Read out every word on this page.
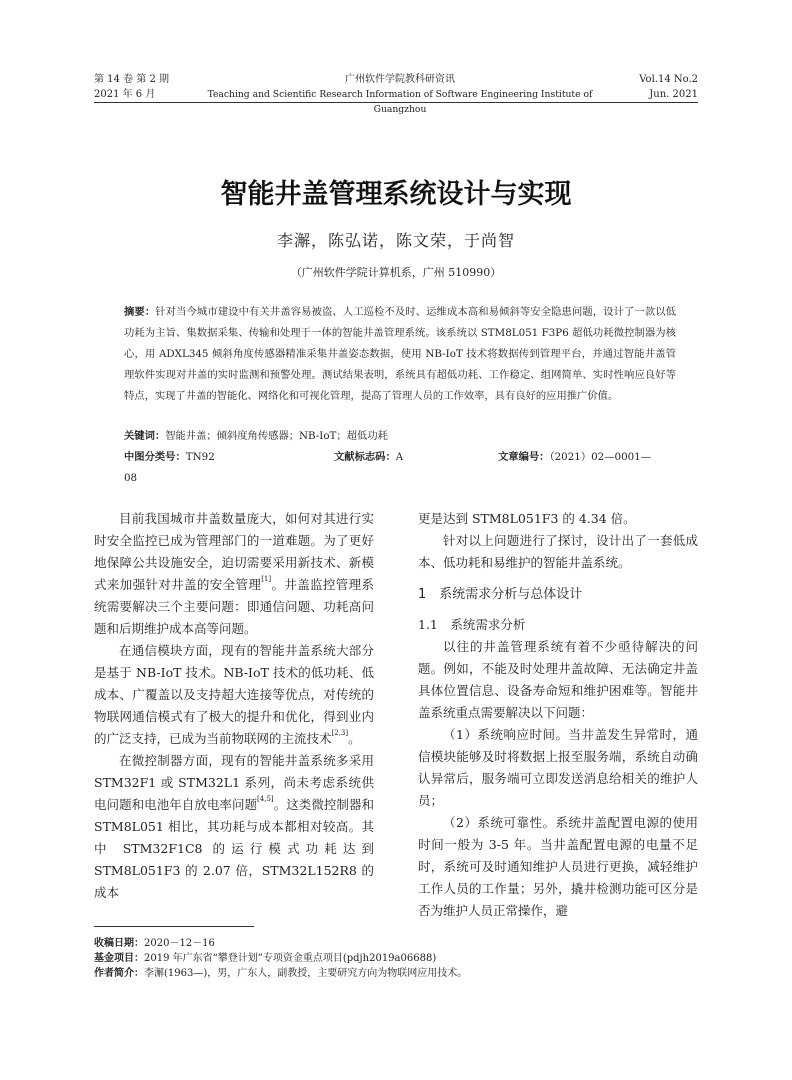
第 14 卷 第 2 期
2021 年 6 月
广州软件学院教科研资讯
Teaching and Scientific Research Information of Software Engineering Institute of Guangzhou
Vol.14 No.2
Jun. 2021
智能井盖管理系统设计与实现
李澥，陈弘诺，陈文荣，于尚智
（广州软件学院计算机系，广州 510990）
摘要：针对当今城市建设中有关井盖容易被盗、人工巡检不及时、运维成本高和易倾斜等安全隐患问题，设计了一款以低功耗为主旨、集数据采集、传输和处理于一体的智能井盖管理系统。该系统以 STM8L051 F3P6 超低功耗微控制器为核心，用 ADXL345 倾斜角度传感器精准采集井盖姿态数据，使用 NB-IoT 技术将数据传到管理平台，并通过智能井盖管理软件实现对井盖的实时监测和预警处理。测试结果表明，系统具有超低功耗、工作稳定、组网简单、实时性响应良好等特点，实现了井盖的智能化、网络化和可视化管理，提高了管理人员的工作效率，具有良好的应用推广价值。
关键词：智能井盖；倾斜度角传感器；NB-IoT；超低功耗
中图分类号：TN92	文献标志码：A	文章编号：（2021）02—0001—
08

目前我国城市井盖数量庞大，如何对其进行实时安全监控已成为管理部门的一道难题。为了更好地保障公共设施安全，迫切需要采用新技术、新模式来加强针对井盖的安全管理[1]。井盖监控管理系统需要解决三个主要问题：即通信问题、功耗高问题和后期维护成本高等问题。

在通信模块方面，现有的智能井盖系统大部分是基于 NB-IoT 技术。NB-IoT 技术的低功耗、低成本、广覆盖以及支持超大连接等优点，对传统的物联网通信模式有了极大的提升和优化，得到业内的广泛支持，已成为当前物联网的主流技术[2,3]。

在微控制器方面，现有的智能井盖系统多采用 STM32F1 或 STM32L1 系列，尚未考虑系统供电问题和电池年自放电率问题[4,5]。这类微控制器和 STM8L051 相比，其功耗与成本都相对较高。其中 STM32F1C8 的运行模式功耗达到 STM8L051F3 的 2.07 倍，STM32L152R8 的成本

更是达到 STM8L051F3 的 4.34 倍。

针对以上问题进行了探讨，设计出了一套低成本、低功耗和易维护的智能井盖系统。

1　系统需求分析与总体设计

1.1　系统需求分析

以往的井盖管理系统有着不少亟待解决的问题。例如，不能及时处理井盖故障、无法确定井盖具体位置信息、设备寿命短和维护困难等。智能井盖系统重点需要解决以下问题：

（1）系统响应时间。当井盖发生异常时，通信模块能够及时将数据上报至服务端，系统自动确认异常后，服务端可立即发送消息给相关的维护人员；

（2）系统可靠性。系统井盖配置电源的使用时间一般为 3-5 年。当井盖配置电源的电量不足时，系统可及时通知维护人员进行更换，减轻维护工作人员的工作量；另外，撬井检测功能可区分是否为维护人员正常操作，避

收稿日期：2020－12－16
基金项目：2019 年广东省“攀登计划”专项资金重点项目(pdjh2019a06688)
作者简介：李澥(1963—)，男，广东人，副教授，主要研究方向为物联网应用技术。
